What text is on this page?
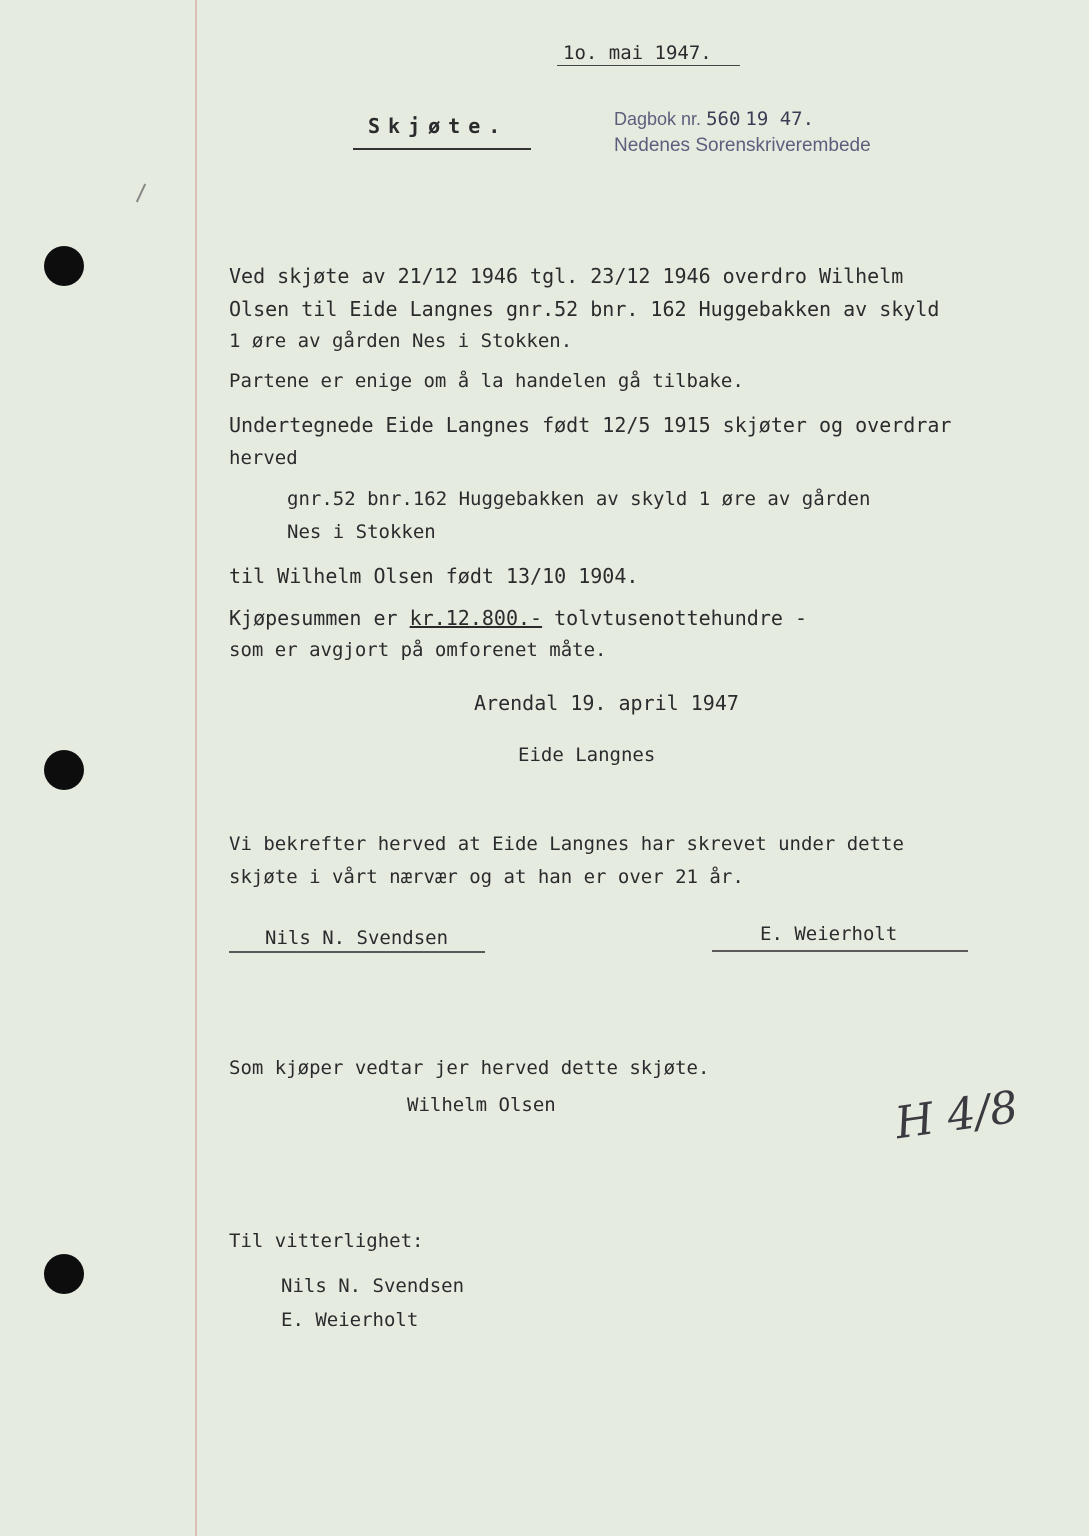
1o. mai 1947.
Skjøte.	Dagbok nr. 560 19 47.
Nedenes Sorenskriverembede
Ved skjøte av 21/12 1946 tgl. 23/12 1946 overdro Wilhelm
Olsen til Eide Langnes gnr.52 bnr. 162 Huggebakken av skyld
1 øre av gården Nes i Stokken.
Partene er enige om å la handelen gå tilbake.
Undertegnede Eide Langnes født 12/5 1915 skjøter og overdrar
herved
gnr.52 bnr.162 Huggebakken av skyld 1 øre av gården
Nes i Stokken
til Wilhelm Olsen født 13/10 1904.
Kjøpesummen er kr.12.800.- tolvtusenottehundre -
som er avgjort på omforenet måte.
Arendal 19. april 1947
Eide Langnes
Vi bekrefter herved at Eide Langnes har skrevet under dette
skjøte i vårt nærvær og at han er over 21 år.
Nils N. Svendsen	E. Weierholt
Som kjøper vedtar jer herved dette skjøte.
Wilhelm Olsen	H 4/8
Til vitterlighet:
Nils N. Svendsen
E. Weierholt
